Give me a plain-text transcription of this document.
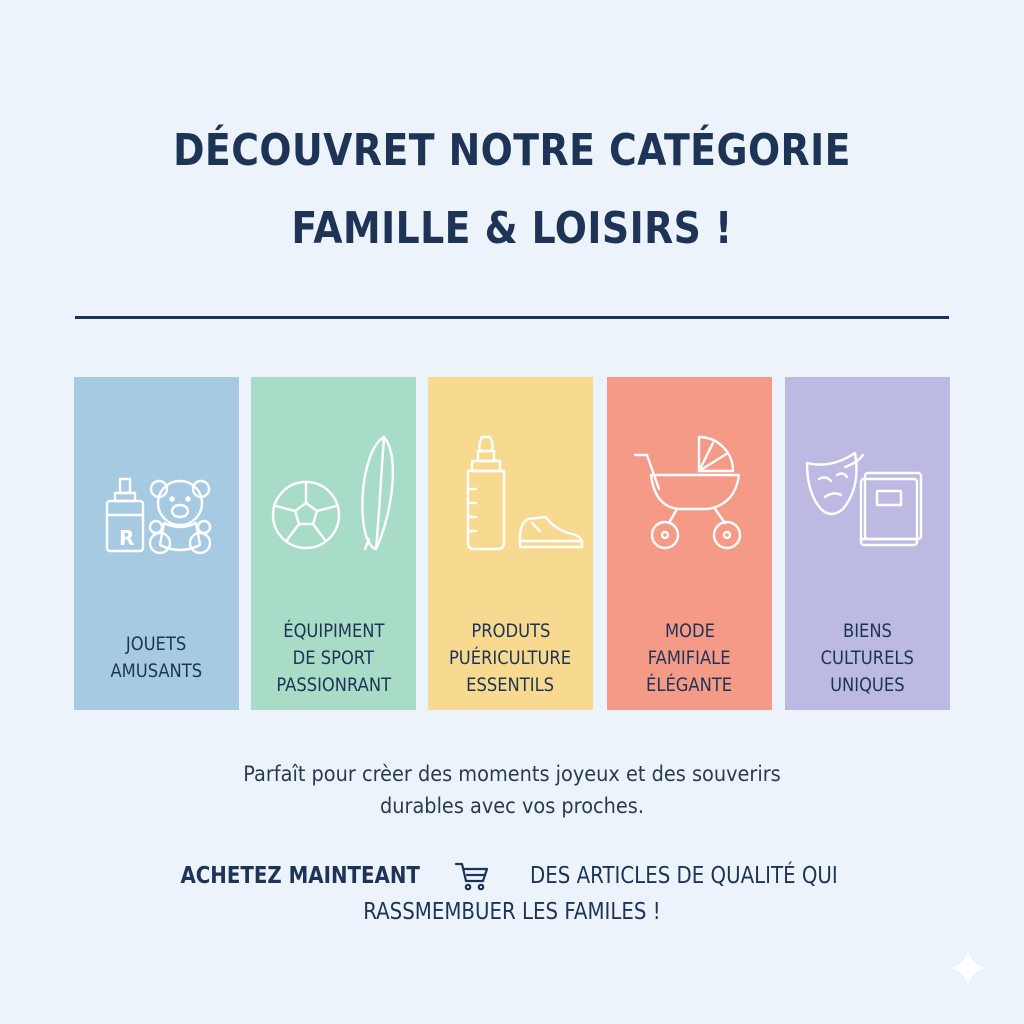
DÉCOUVRET NOTRE CATÉGORIE
FAMILLE & LOISIRS !
R
JOUETS
AMUSANTS
ÉQUIPIMENT
DE SPORT
PASSIONRANT
PRODUTS
PUÉRICULTURE
ESSENTILS
MODE
FAMIFIALE
ÉLÉGANTE
BIENS
CULTURELS
UNIQUES

Parfaît pour crèer des moments joyeux et des souverirs
durables avec vos proches.

ACHETEZ MAINTEANT	DES ARTICLES DE QUALITÉ QUI
RASSMEMBUER LES FAMILES !
